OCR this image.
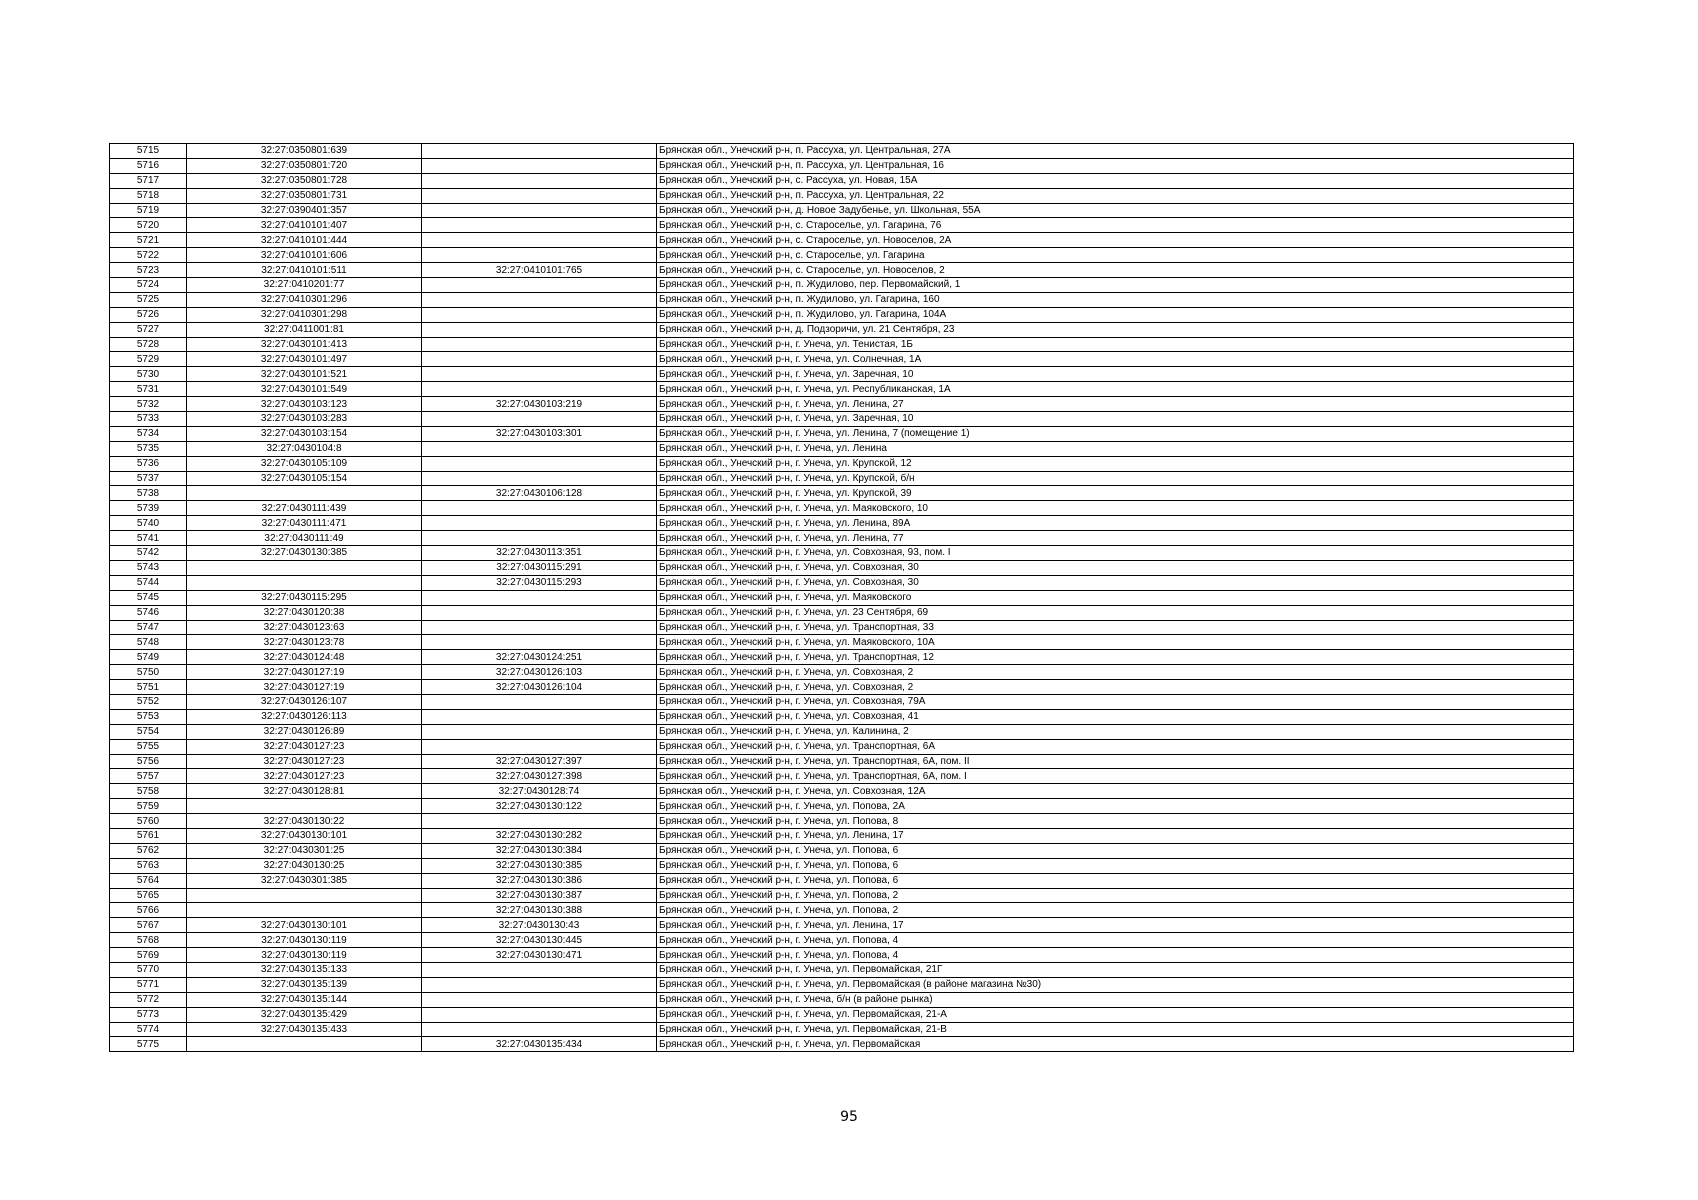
5715	32:27:0350801:639		Брянская обл., Унечский р-н, п. Рассуха, ул. Центральная, 27А
5716	32:27:0350801:720		Брянская обл., Унечский р-н, п. Рассуха, ул. Центральная, 16
5717	32:27:0350801:728		Брянская обл., Унечский р-н, с. Рассуха, ул. Новая, 15А
5718	32:27:0350801:731		Брянская обл., Унечский р-н, п. Рассуха, ул. Центральная, 22
5719	32:27:0390401:357		Брянская обл., Унечский р-н, д. Новое Задубенье, ул. Школьная, 55А
5720	32:27:0410101:407		Брянская обл., Унечский р-н, с. Староселье, ул. Гагарина, 76
5721	32:27:0410101:444		Брянская обл., Унечский р-н, с. Староселье, ул. Новоселов, 2А
5722	32:27:0410101:606		Брянская обл., Унечский р-н, с. Староселье, ул. Гагарина
5723	32:27:0410101:511	32:27:0410101:765	Брянская обл., Унечский р-н, с. Староселье, ул. Новоселов, 2
5724	32:27:0410201:77		Брянская обл., Унечский р-н, п. Жудилово, пер. Первомайский, 1
5725	32:27:0410301:296		Брянская обл., Унечский р-н, п. Жудилово, ул. Гагарина, 160
5726	32:27:0410301:298		Брянская обл., Унечский р-н, п. Жудилово, ул. Гагарина, 104А
5727	32:27:0411001:81		Брянская обл., Унечский р-н, д. Подзоричи, ул. 21 Сентября, 23
5728	32:27:0430101:413		Брянская обл., Унечский р-н, г. Унеча, ул. Тенистая, 1Б
5729	32:27:0430101:497		Брянская обл., Унечский р-н, г. Унеча, ул. Солнечная, 1А
5730	32:27:0430101:521		Брянская обл., Унечский р-н, г. Унеча, ул. Заречная, 10
5731	32:27:0430101:549		Брянская обл., Унечский р-н, г. Унеча, ул. Республиканская, 1А
5732	32:27:0430103:123	32:27:0430103:219	Брянская обл., Унечский р-н, г. Унеча, ул. Ленина, 27
5733	32:27:0430103:283		Брянская обл., Унечский р-н, г. Унеча, ул. Заречная, 10
5734	32:27:0430103:154	32:27:0430103:301	Брянская обл., Унечский р-н, г. Унеча, ул. Ленина, 7 (помещение 1)
5735	32:27:0430104:8		Брянская обл., Унечский р-н, г. Унеча, ул. Ленина
5736	32:27:0430105:109		Брянская обл., Унечский р-н, г. Унеча, ул. Крупской, 12
5737	32:27:0430105:154		Брянская обл., Унечский р-н, г. Унеча, ул. Крупской, б/н
5738		32:27:0430106:128	Брянская обл., Унечский р-н, г. Унеча, ул. Крупской, 39
5739	32:27:0430111:439		Брянская обл., Унечский р-н, г. Унеча, ул. Маяковского, 10
5740	32:27:0430111:471		Брянская обл., Унечский р-н, г. Унеча, ул. Ленина, 89А
5741	32:27:0430111:49		Брянская обл., Унечский р-н, г. Унеча, ул. Ленина, 77
5742	32:27:0430130:385	32:27:0430113:351	Брянская обл., Унечский р-н, г. Унеча, ул. Совхозная, 93, пом. I
5743		32:27:0430115:291	Брянская обл., Унечский р-н, г. Унеча, ул. Совхозная, 30
5744		32:27:0430115:293	Брянская обл., Унечский р-н, г. Унеча, ул. Совхозная, 30
5745	32:27:0430115:295		Брянская обл., Унечский р-н, г. Унеча, ул. Маяковского
5746	32:27:0430120:38		Брянская обл., Унечский р-н, г. Унеча, ул. 23 Сентября, 69
5747	32:27:0430123:63		Брянская обл., Унечский р-н, г. Унеча, ул. Транспортная, 33
5748	32:27:0430123:78		Брянская обл., Унечский р-н, г. Унеча, ул. Маяковского, 10А
5749	32:27:0430124:48	32:27:0430124:251	Брянская обл., Унечский р-н, г. Унеча, ул. Транспортная, 12
5750	32:27:0430127:19	32:27:0430126:103	Брянская обл., Унечский р-н, г. Унеча, ул. Совхозная, 2
5751	32:27:0430127:19	32:27:0430126:104	Брянская обл., Унечский р-н, г. Унеча, ул. Совхозная, 2
5752	32:27:0430126:107		Брянская обл., Унечский р-н, г. Унеча, ул. Совхозная, 79А
5753	32:27:0430126:113		Брянская обл., Унечский р-н, г. Унеча, ул. Совхозная, 41
5754	32:27:0430126:89		Брянская обл., Унечский р-н, г. Унеча, ул. Калинина, 2
5755	32:27:0430127:23		Брянская обл., Унечский р-н, г. Унеча, ул. Транспортная, 6А
5756	32:27:0430127:23	32:27:0430127:397	Брянская обл., Унечский р-н, г. Унеча, ул. Транспортная, 6А, пом. II
5757	32:27:0430127:23	32:27:0430127:398	Брянская обл., Унечский р-н, г. Унеча, ул. Транспортная, 6А, пом. I
5758	32:27:0430128:81	32:27:0430128:74	Брянская обл., Унечский р-н, г. Унеча, ул. Совхозная, 12А
5759		32:27:0430130:122	Брянская обл., Унечский р-н, г. Унеча, ул. Попова, 2А
5760	32:27:0430130:22		Брянская обл., Унечский р-н, г. Унеча, ул. Попова, 8
5761	32:27:0430130:101	32:27:0430130:282	Брянская обл., Унечский р-н, г. Унеча, ул. Ленина, 17
5762	32:27:0430301:25	32:27:0430130:384	Брянская обл., Унечский р-н, г. Унеча, ул. Попова, 6
5763	32:27:0430130:25	32:27:0430130:385	Брянская обл., Унечский р-н, г. Унеча, ул. Попова, 6
5764	32:27:0430301:385	32:27:0430130:386	Брянская обл., Унечский р-н, г. Унеча, ул. Попова, 6
5765		32:27:0430130:387	Брянская обл., Унечский р-н, г. Унеча, ул. Попова, 2
5766		32:27:0430130:388	Брянская обл., Унечский р-н, г. Унеча, ул. Попова, 2
5767	32:27:0430130:101	32:27:0430130:43	Брянская обл., Унечский р-н, г. Унеча, ул. Ленина, 17
5768	32:27:0430130:119	32:27:0430130:445	Брянская обл., Унечский р-н, г. Унеча, ул. Попова, 4
5769	32:27:0430130:119	32:27:0430130:471	Брянская обл., Унечский р-н, г. Унеча, ул. Попова, 4
5770	32:27:0430135:133		Брянская обл., Унечский р-н, г. Унеча, ул. Первомайская, 21Г
5771	32:27:0430135:139		Брянская обл., Унечский р-н, г. Унеча, ул. Первомайская (в районе магазина №30)
5772	32:27:0430135:144		Брянская обл., Унечский р-н, г. Унеча, б/н (в районе рынка)
5773	32:27:0430135:429		Брянская обл., Унечский р-н, г. Унеча, ул. Первомайская, 21-А
5774	32:27:0430135:433		Брянская обл., Унечский р-н, г. Унеча, ул. Первомайская, 21-В
5775		32:27:0430135:434	Брянская обл., Унечский р-н, г. Унеча, ул. Первомайская
95
